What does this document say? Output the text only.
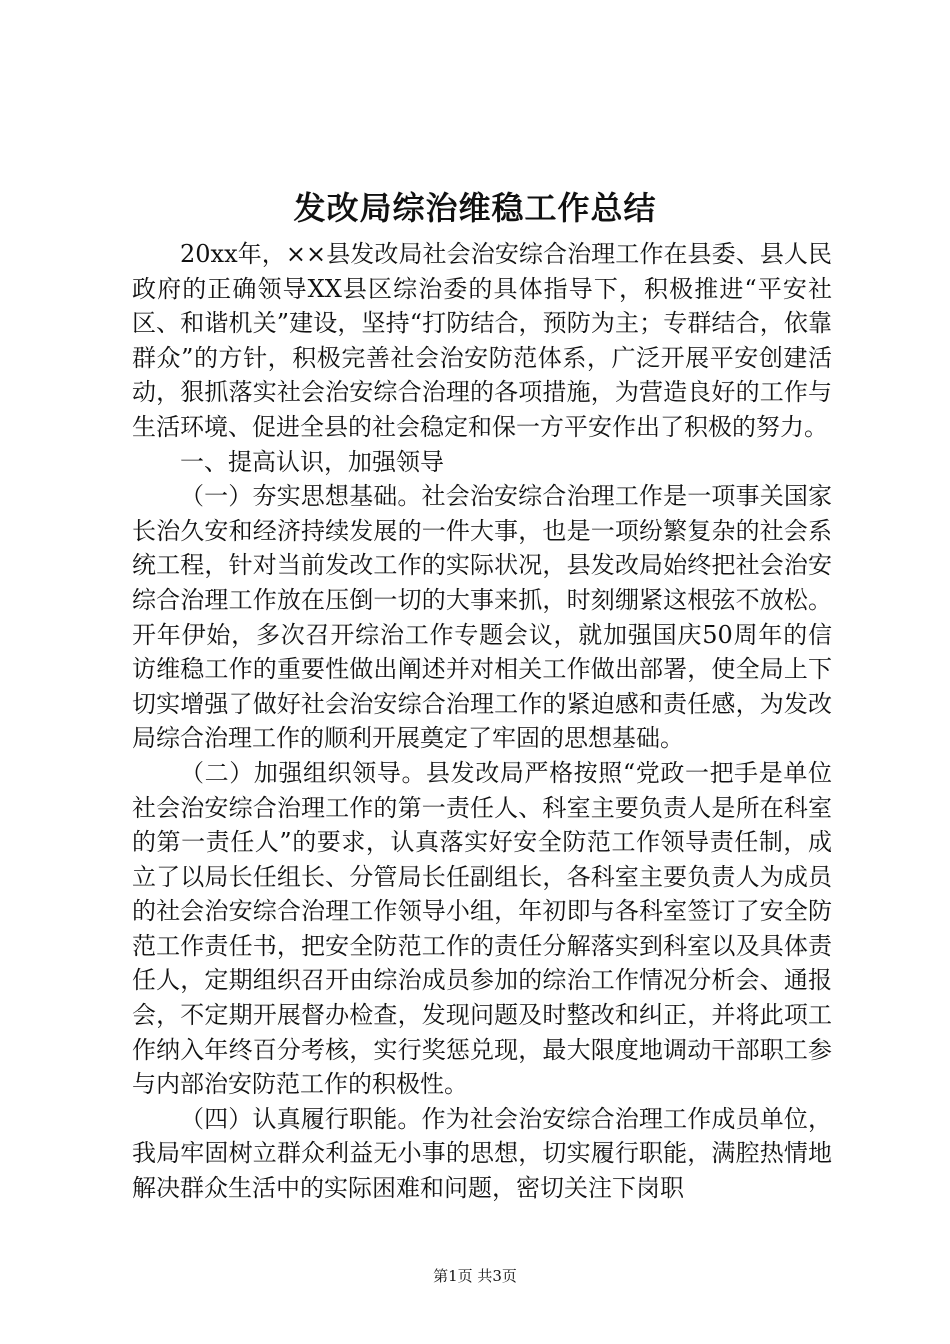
发改局综治维稳工作总结

20xx年，××县发改局社会治安综合治理工作在县委、县人民政府的正确领导XX县区综治委的具体指导下，积极推进“平安社区、和谐机关”建设，坚持“打防结合，预防为主；专群结合，依靠群众”的方针，积极完善社会治安防范体系，广泛开展平安创建活动，狠抓落实社会治安综合治理的各项措施，为营造良好的工作与生活环境、促进全县的社会稳定和保一方平安作出了积极的努力。

一、提高认识，加强领导

（一）夯实思想基础。社会治安综合治理工作是一项事关国家长治久安和经济持续发展的一件大事，也是一项纷繁复杂的社会系统工程，针对当前发改工作的实际状况，县发改局始终把社会治安综合治理工作放在压倒一切的大事来抓，时刻绷紧这根弦不放松。开年伊始，多次召开综治工作专题会议，就加强国庆50周年的信访维稳工作的重要性做出阐述并对相关工作做出部署，使全局上下切实增强了做好社会治安综合治理工作的紧迫感和责任感，为发改局综合治理工作的顺利开展奠定了牢固的思想基础。

（二）加强组织领导。县发改局严格按照“党政一把手是单位社会治安综合治理工作的第一责任人、科室主要负责人是所在科室的第一责任人”的要求，认真落实好安全防范工作领导责任制，成立了以局长任组长、分管局长任副组长，各科室主要负责人为成员的社会治安综合治理工作领导小组，年初即与各科室签订了安全防范工作责任书，把安全防范工作的责任分解落实到科室以及具体责任人，定期组织召开由综治成员参加的综治工作情况分析会、通报会，不定期开展督办检查，发现问题及时整改和纠正，并将此项工作纳入年终百分考核，实行奖惩兑现，最大限度地调动干部职工参与内部治安防范工作的积极性。

（四）认真履行职能。作为社会治安综合治理工作成员单位，我局牢固树立群众利益无小事的思想，切实履行职能，满腔热情地解决群众生活中的实际困难和问题，密切关注下岗职

第1页 共3页
